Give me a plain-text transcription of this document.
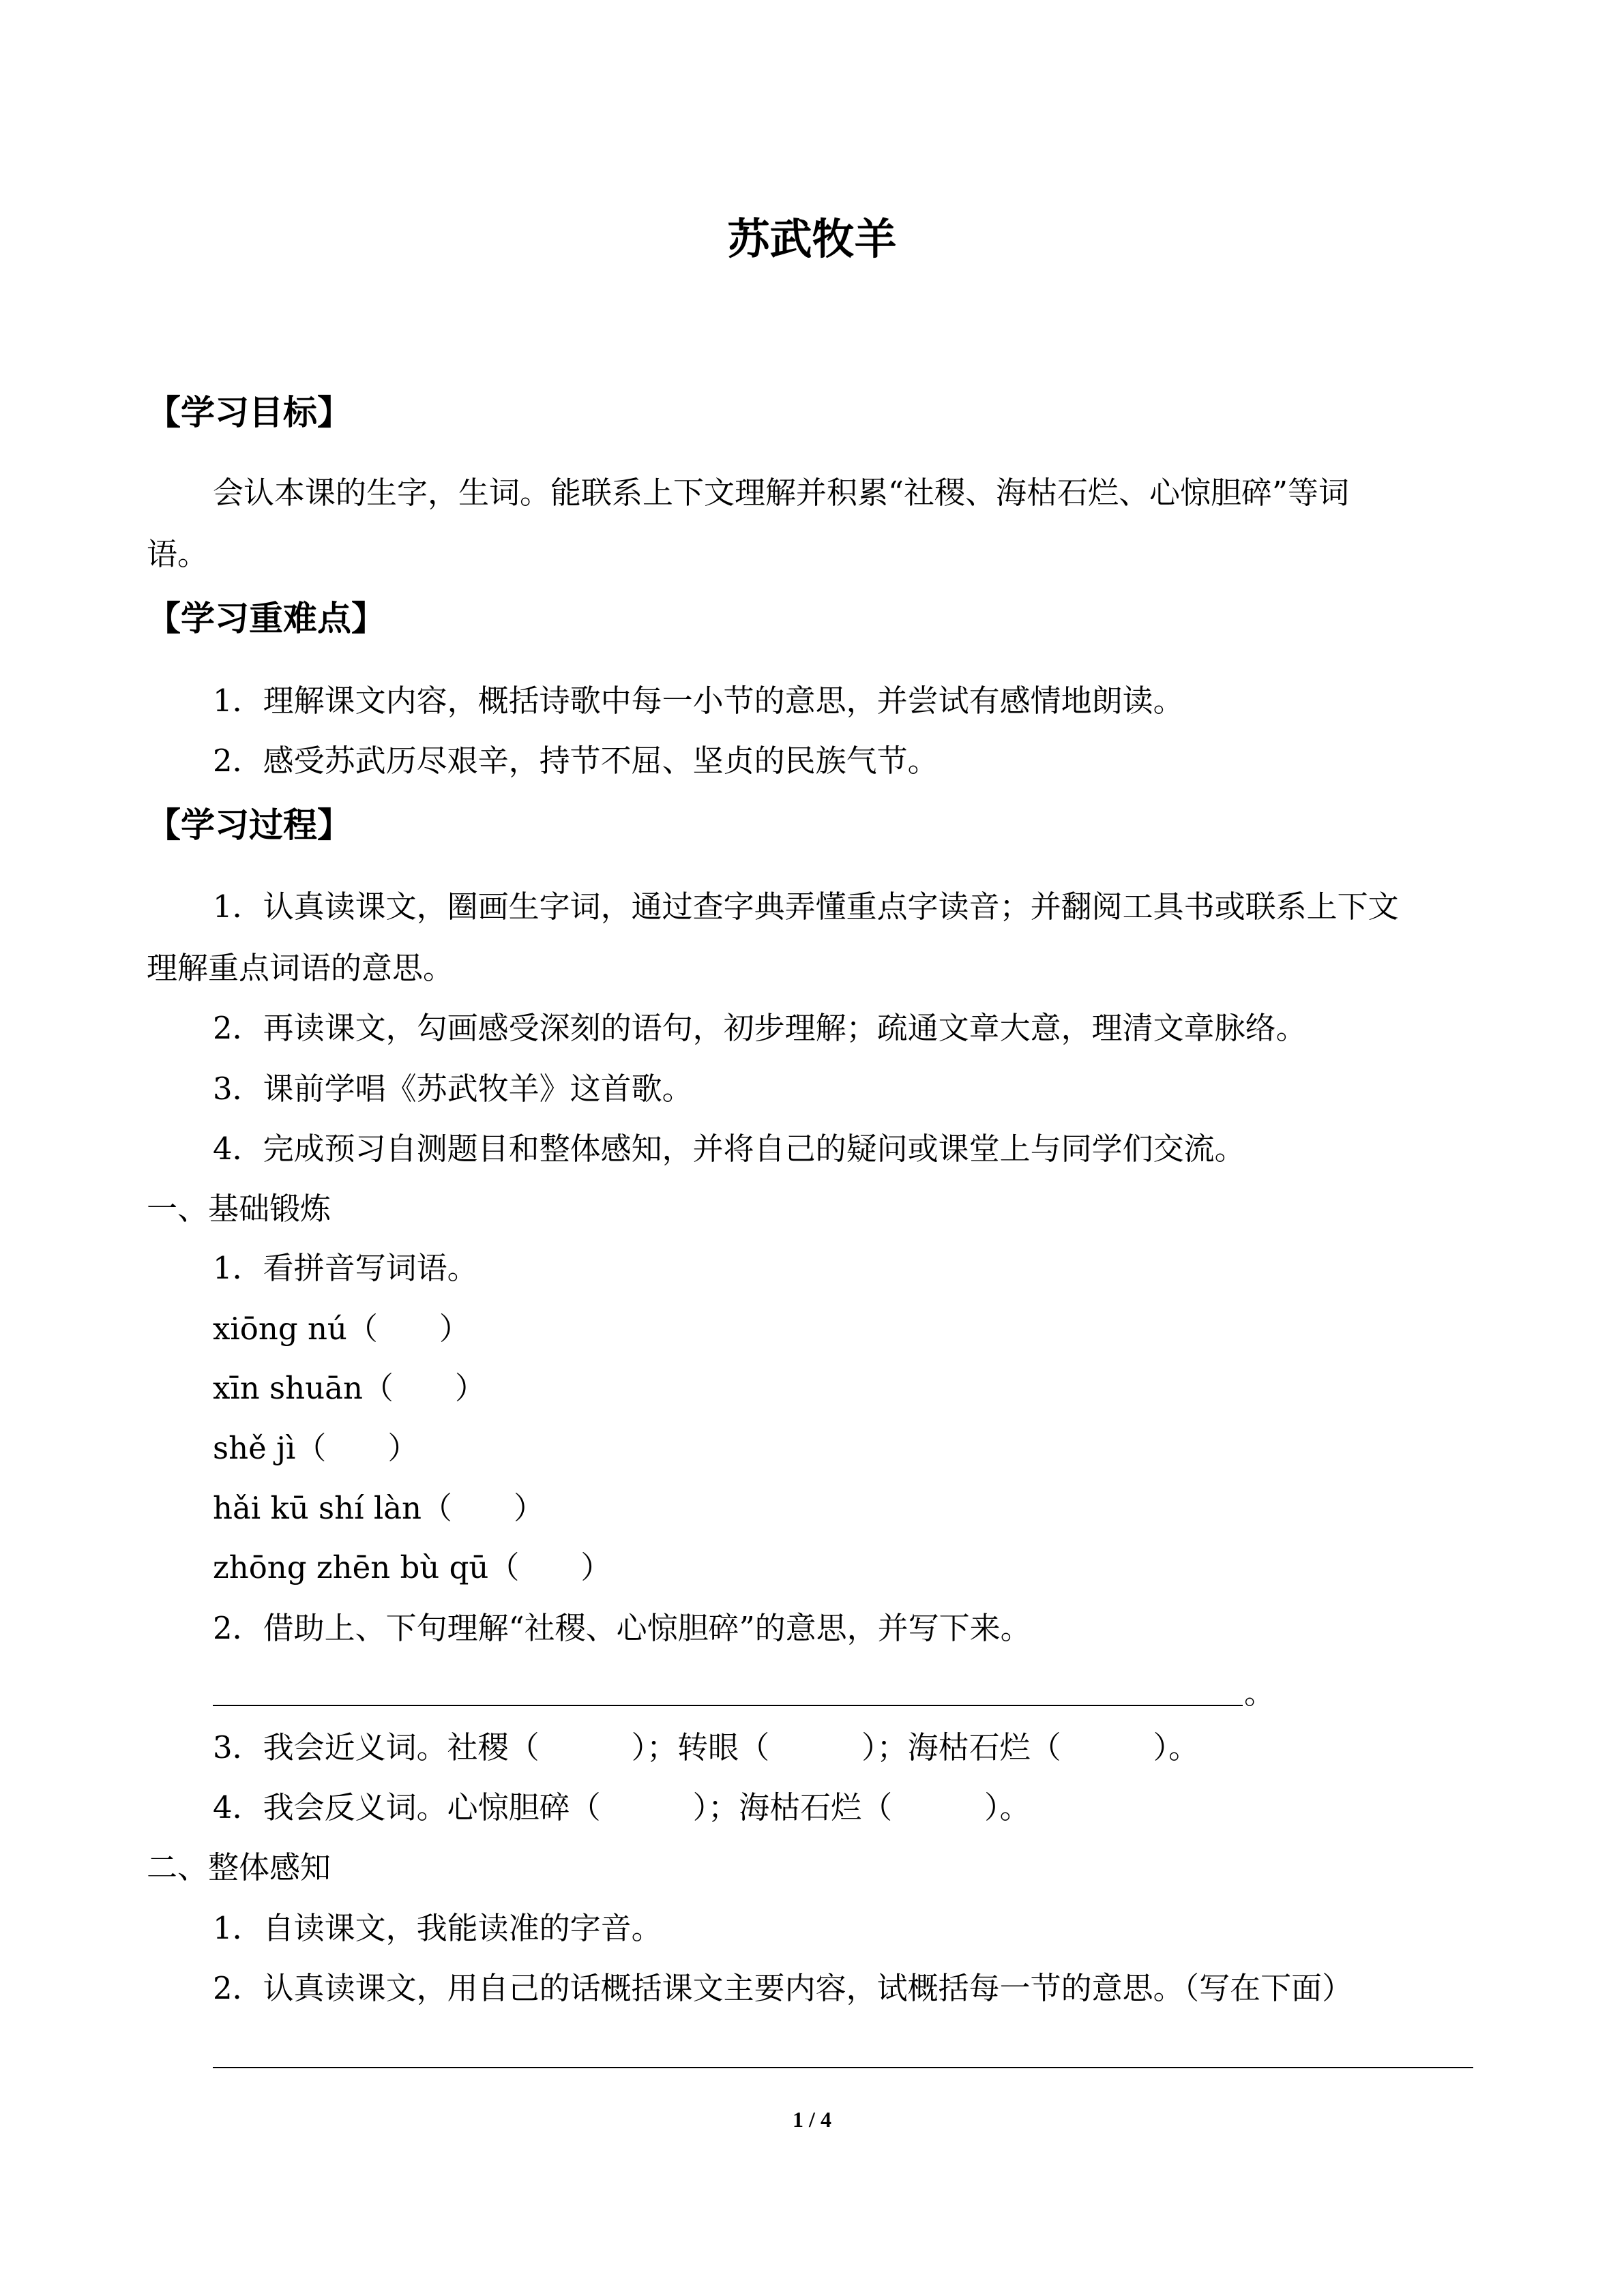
苏武牧羊
【学习目标】
会认本课的生字，生词。能联系上下文理解并积累“社稷、海枯石烂、心惊胆碎”等词
语。
【学习重难点】
1．理解课文内容，概括诗歌中每一小节的意思，并尝试有感情地朗读。
2．感受苏武历尽艰辛，持节不屈、坚贞的民族气节。
【学习过程】
1．认真读课文，圈画生字词，通过查字典弄懂重点字读音；并翻阅工具书或联系上下文
理解重点词语的意思。
2．再读课文，勾画感受深刻的语句，初步理解；疏通文章大意，理清文章脉络。
3．课前学唱《苏武牧羊》这首歌。
4．完成预习自测题目和整体感知，并将自己的疑问或课堂上与同学们交流。
一、基础锻炼
1．看拼音写词语。
xiōng nú（　　）
xīn shuān（　　）
shě jì（　　）
hǎi kū shí làn（　　）
zhōng zhēn bù qū（　　）
2．借助上、下句理解“社稷、心惊胆碎”的意思，并写下来。
。
3．我会近义词。社稷（　　　）；转眼（　　　）；海枯石烂（　　　）。
4．我会反义词。心惊胆碎（　　　）；海枯石烂（　　　）。
二、整体感知
1．自读课文，我能读准的字音。
2．认真读课文，用自己的话概括课文主要内容，试概括每一节的意思。（写在下面）
1 / 4
